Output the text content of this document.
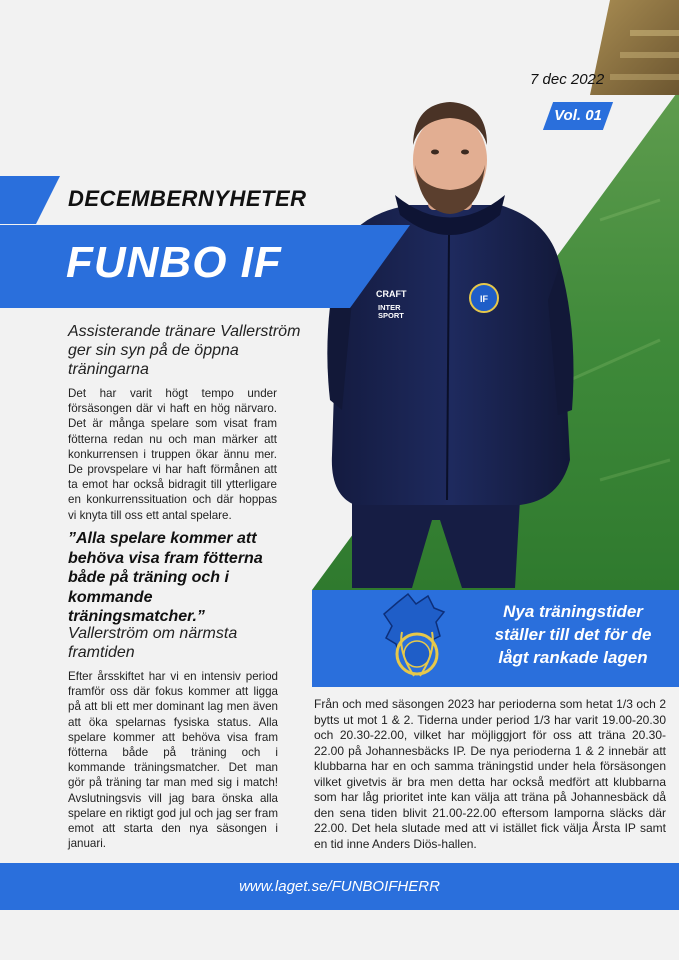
IF
CRAFT
INTER
SPORT
7 dec 2022
Vol. 01
DECEMBERNYHETER
FUNBO IF
Assisterande tränare Vallerström ger sin syn på de öppna träningarna
Det har varit högt tempo under försäsongen där vi haft en hög närvaro. Det är många spelare som visat fram fötterna redan nu och man märker att konkurrensen i truppen ökar ännu mer. De provspelare vi har haft förmånen att ta emot har också bidragit till ytterligare en konkurrenssituation och där hoppas vi knyta till oss ett antal spelare.
”Alla spelare kommer att behöva visa fram fötterna både på träning och i kommande träningsmatcher.”
Vallerström om närmsta framtiden
Efter årsskiftet har vi en intensiv period framför oss där fokus kommer att ligga på att bli ett mer dominant lag men även att öka spelarnas fysiska status. Alla spelare kommer att behöva visa fram fötterna både på träning och i kommande träningsmatcher. Det man gör på träning tar man med sig i match! Avslutningsvis vill jag bara önska alla spelare en riktigt god jul och jag ser fram emot att starta den nya säsongen i januari.
Nya träningstider ställer till det för de lågt rankade lagen
Från och med säsongen 2023 har perioderna som hetat 1/3 och 2 bytts ut mot 1 & 2. Tiderna under period 1/3 har varit 19.00-20.30 och 20.30-22.00, vilket har möjliggjort för oss att träna 20.30-22.00 på Johannesbäcks IP. De nya perioderna 1 & 2 innebär att klubbarna har en och samma träningstid under hela försäsongen vilket givetvis är bra men detta har också medfört att klubbarna som har låg prioritet inte kan välja att träna på Johannesbäck då den sena tiden blivit 21.00-22.00 eftersom lamporna släcks där 22.00. Det hela slutade med att vi istället fick välja Årsta IP samt en tid inne Anders Diös-hallen.
www.laget.se/FUNBOIFHERR
